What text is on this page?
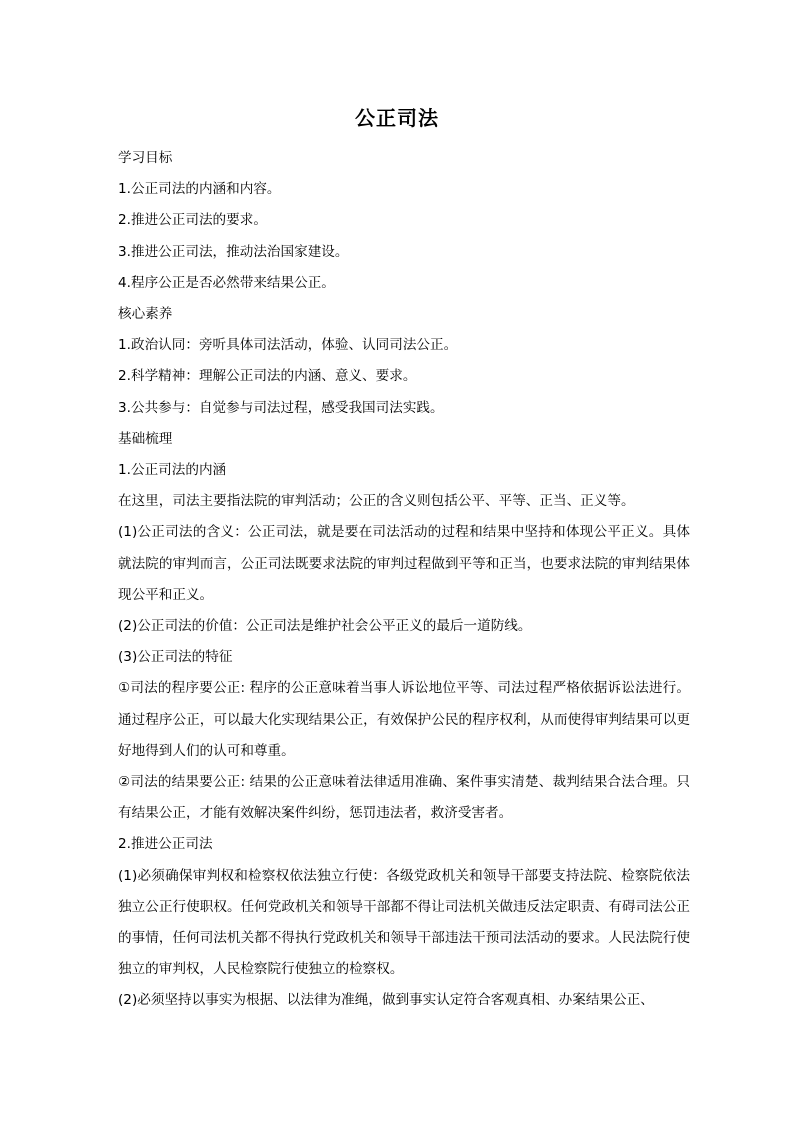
公正司法

学习目标

1.公正司法的内涵和内容。

2.推进公正司法的要求。

3.推进公正司法，推动法治国家建设。

4.程序公正是否必然带来结果公正。

核心素养

1.政治认同：旁听具体司法活动，体验、认同司法公正。

2.科学精神：理解公正司法的内涵、意义、要求。

3.公共参与：自觉参与司法过程，感受我国司法实践。

基础梳理

1.公正司法的内涵

在这里，司法主要指法院的审判活动；公正的含义则包括公平、平等、正当、正义等。

(1)公正司法的含义：公正司法，就是要在司法活动的过程和结果中坚持和体现公平正义。具体就法院的审判而言，公正司法既要求法院的审判过程做到平等和正当，也要求法院的审判结果体现公平和正义。

(2)公正司法的价值：公正司法是维护社会公平正义的最后一道防线。

(3)公正司法的特征

①司法的程序要公正: 程序的公正意味着当事人诉讼地位平等、司法过程严格依据诉讼法进行。通过程序公正，可以最大化实现结果公正，有效保护公民的程序权利，从而使得审判结果可以更好地得到人们的认可和尊重。

②司法的结果要公正: 结果的公正意味着法律适用准确、案件事实清楚、裁判结果合法合理。只有结果公正，才能有效解决案件纠纷，惩罚违法者，救济受害者。

2.推进公正司法

(1)必须确保审判权和检察权依法独立行使：各级党政机关和领导干部要支持法院、检察院依法独立公正行使职权。任何党政机关和领导干部都不得让司法机关做违反法定职责、有碍司法公正的事情，任何司法机关都不得执行党政机关和领导干部违法干预司法活动的要求。人民法院行使独立的审判权，人民检察院行使独立的检察权。

(2)必须坚持以事实为根据、以法律为准绳，做到事实认定符合客观真相、办案结果公正、
